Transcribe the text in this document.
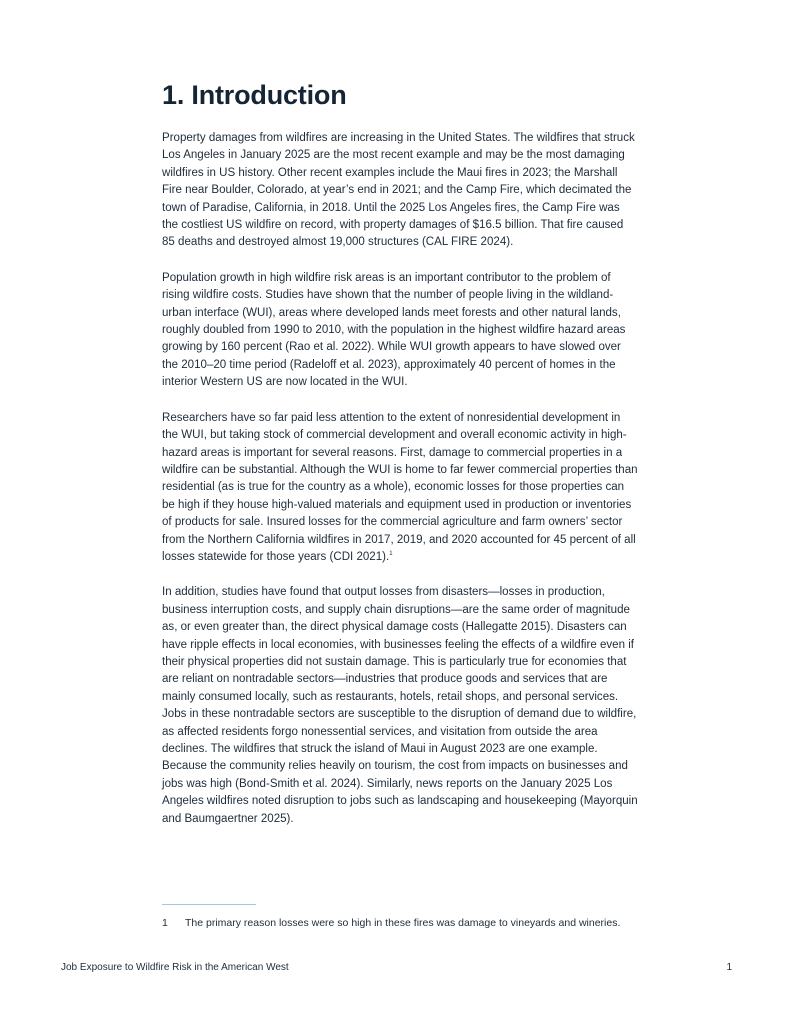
1. Introduction

Property damages from wildfires are increasing in the United States. The wildfires that struck Los Angeles in January 2025 are the most recent example and may be the most damaging wildfires in US history. Other recent examples include the Maui fires in 2023; the Marshall Fire near Boulder, Colorado, at year’s end in 2021; and the Camp Fire, which decimated the town of Paradise, California, in 2018. Until the 2025 Los Angeles fires, the Camp Fire was the costliest US wildfire on record, with property damages of $16.5 billion. That fire caused 85 deaths and destroyed almost 19,000 structures (CAL FIRE 2024).

Population growth in high wildfire risk areas is an important contributor to the problem of rising wildfire costs. Studies have shown that the number of people living in the wildland-urban interface (WUI), areas where developed lands meet forests and other natural lands, roughly doubled from 1990 to 2010, with the population in the highest wildfire hazard areas growing by 160 percent (Rao et al. 2022). While WUI growth appears to have slowed over the 2010–20 time period (Radeloff et al. 2023), approximately 40 percent of homes in the interior Western US are now located in the WUI.

Researchers have so far paid less attention to the extent of nonresidential development in the WUI, but taking stock of commercial development and overall economic activity in high-hazard areas is important for several reasons. First, damage to commercial properties in a wildfire can be substantial. Although the WUI is home to far fewer commercial properties than residential (as is true for the country as a whole), economic losses for those properties can be high if they house high-valued materials and equipment used in production or inventories of products for sale. Insured losses for the commercial agriculture and farm owners’ sector from the Northern California wildfires in 2017, 2019, and 2020 accounted for 45 percent of all losses statewide for those years (CDI 2021).$^1$

In addition, studies have found that output losses from disasters—losses in production, business interruption costs, and supply chain disruptions—are the same order of magnitude as, or even greater than, the direct physical damage costs (Hallegatte 2015). Disasters can have ripple effects in local economies, with businesses feeling the effects of a wildfire even if their physical properties did not sustain damage. This is particularly true for economies that are reliant on nontradable sectors—industries that produce goods and services that are mainly consumed locally, such as restaurants, hotels, retail shops, and personal services. Jobs in these nontradable sectors are susceptible to the disruption of demand due to wildfire, as affected residents forgo nonessential services, and visitation from outside the area declines. The wildfires that struck the island of Maui in August 2023 are one example. Because the community relies heavily on tourism, the cost from impacts on businesses and jobs was high (Bond-Smith et al. 2024). Similarly, news reports on the January 2025 Los Angeles wildfires noted disruption to jobs such as landscaping and housekeeping (Mayorquin and Baumgaertner 2025).

1	The primary reason losses were so high in these fires was damage to vineyards and wineries.
Job Exposure to Wildfire Risk in the American West	1
